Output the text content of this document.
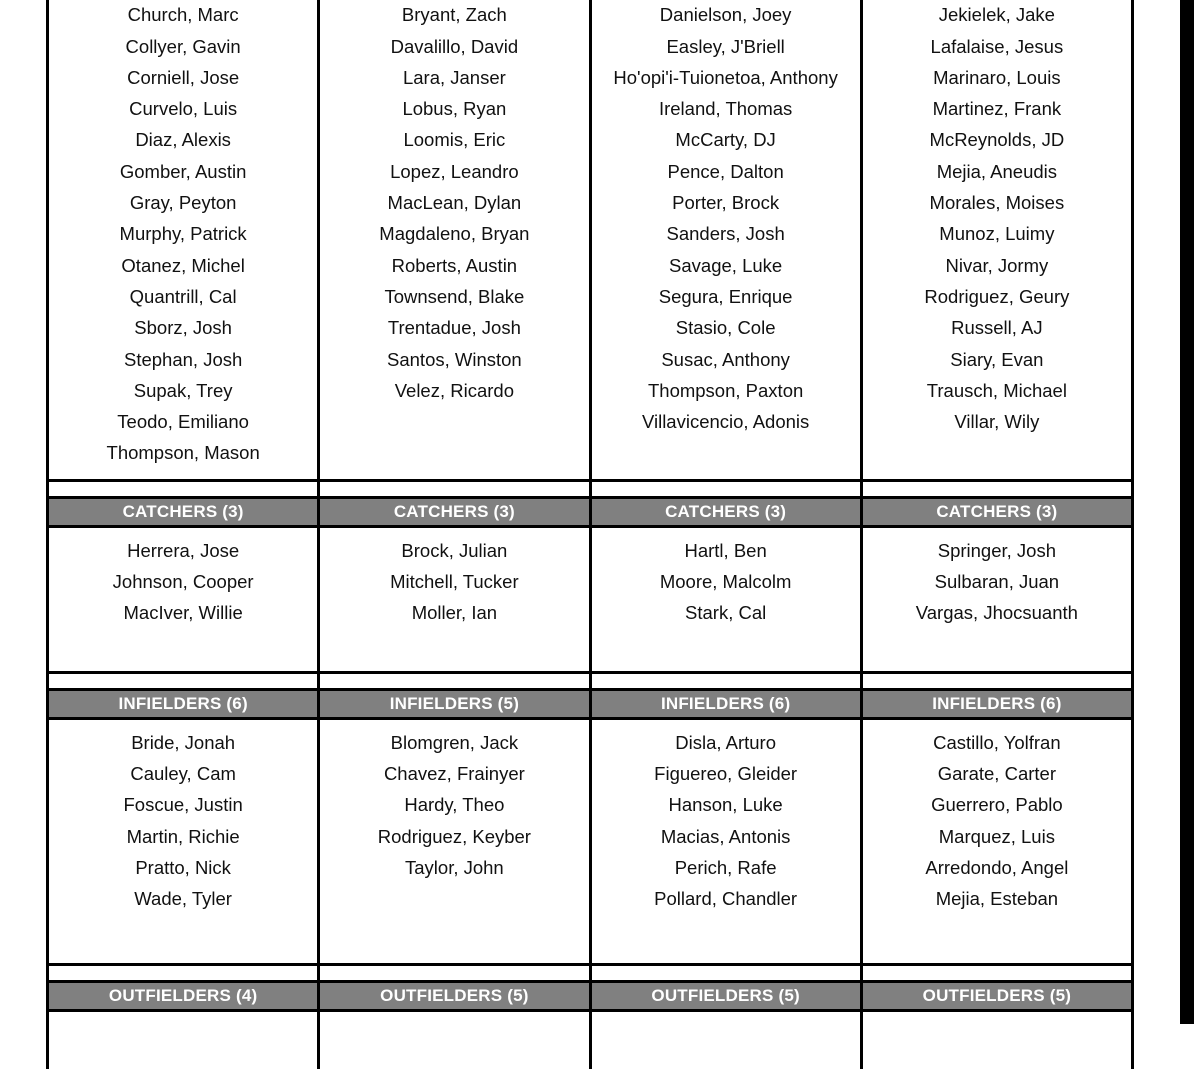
Church, Marc
Collyer, Gavin
Corniell, Jose
Curvelo, Luis
Diaz, Alexis
Gomber, Austin
Gray, Peyton
Murphy, Patrick
Otanez, Michel
Quantrill, Cal
Sborz, Josh
Stephan, Josh
Supak, Trey
Teodo, Emiliano
Thompson, Mason

Bryant, Zach
Davalillo, David
Lara, Janser
Lobus, Ryan
Loomis, Eric
Lopez, Leandro
MacLean, Dylan
Magdaleno, Bryan
Roberts, Austin
Townsend, Blake
Trentadue, Josh
Santos, Winston
Velez, Ricardo

Danielson, Joey
Easley, J'Briell
Ho'opi'i-Tuionetoa, Anthony
Ireland, Thomas
McCarty, DJ
Pence, Dalton
Porter, Brock
Sanders, Josh
Savage, Luke
Segura, Enrique
Stasio, Cole
Susac, Anthony
Thompson, Paxton
Villavicencio, Adonis

Jekielek, Jake
Lafalaise, Jesus
Marinaro, Louis
Martinez, Frank
McReynolds, JD
Mejia, Aneudis
Morales, Moises
Munoz, Luimy
Nivar, Jormy
Rodriguez, Geury
Russell, AJ
Siary, Evan
Trausch, Michael
Villar, Wily

CATCHERS (3)	CATCHERS (3)	CATCHERS (3)	CATCHERS (3)

Herrera, Jose
Johnson, Cooper
MacIver, Willie

Brock, Julian
Mitchell, Tucker
Moller, Ian

Hartl, Ben
Moore, Malcolm
Stark, Cal

Springer, Josh
Sulbaran, Juan
Vargas, Jhocsuanth

INFIELDERS (6)	INFIELDERS (5)	INFIELDERS (6)	INFIELDERS (6)

Bride, Jonah
Cauley, Cam
Foscue, Justin
Martin, Richie
Pratto, Nick
Wade, Tyler

Blomgren, Jack
Chavez, Frainyer
Hardy, Theo
Rodriguez, Keyber
Taylor, John

Disla, Arturo
Figuereo, Gleider
Hanson, Luke
Macias, Antonis
Perich, Rafe
Pollard, Chandler

Castillo, Yolfran
Garate, Carter
Guerrero, Pablo
Marquez, Luis
Arredondo, Angel
Mejia, Esteban

OUTFIELDERS (4)	OUTFIELDERS (5)	OUTFIELDERS (5)	OUTFIELDERS (5)
